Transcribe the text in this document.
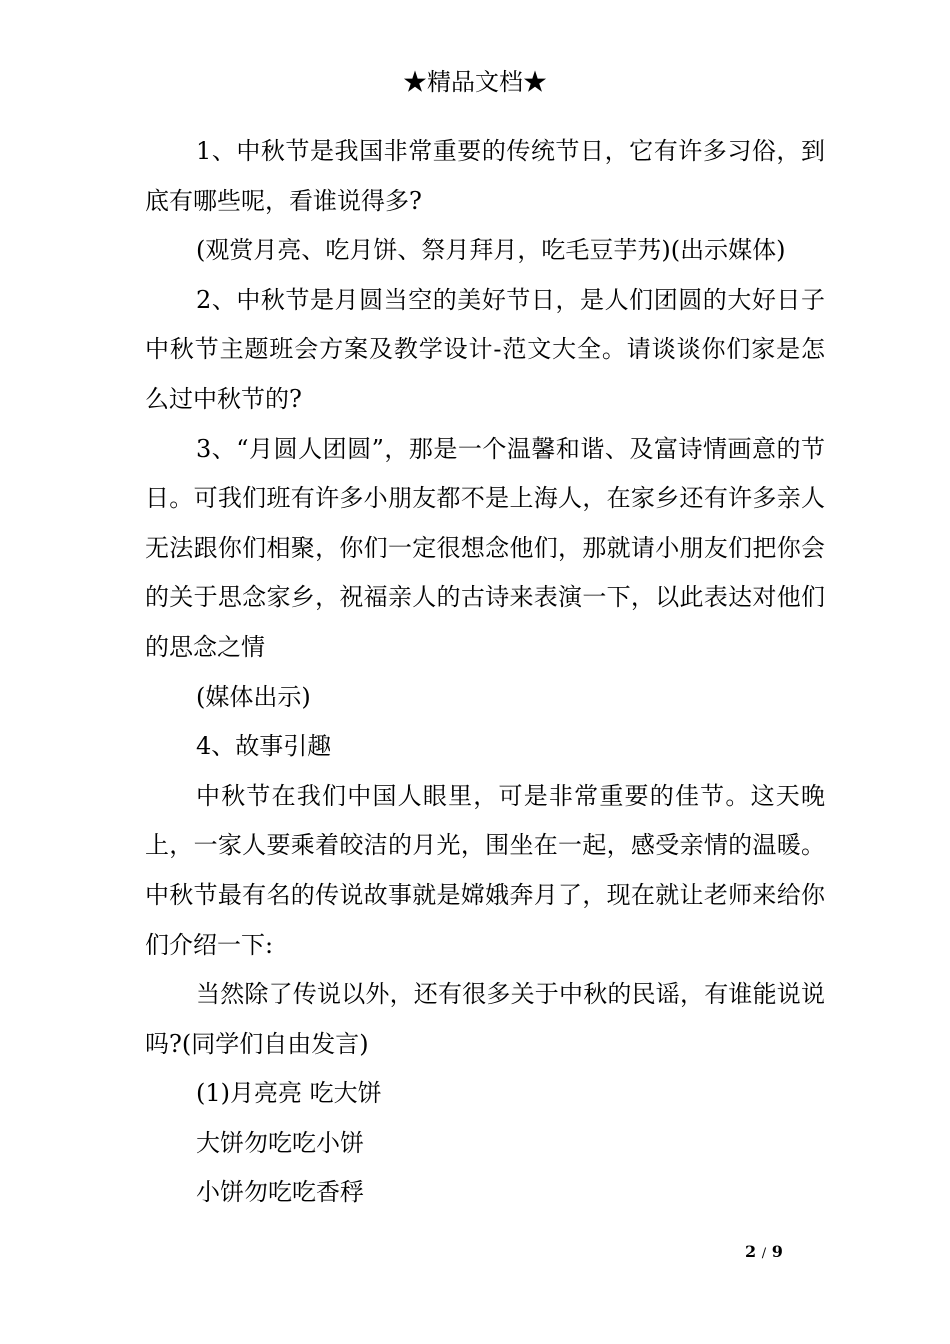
★精品文档★

1、中秋节是我国非常重要的传统节日，它有许多习俗，到底有哪些呢，看谁说得多?

(观赏月亮、吃月饼、祭月拜月，吃毛豆芋艿)(出示媒体)

2、中秋节是月圆当空的美好节日，是人们团圆的大好日子中秋节主题班会方案及教学设计-范文大全。请谈谈你们家是怎么过中秋节的?

3、“月圆人团圆”，那是一个温馨和谐、及富诗情画意的节日。可我们班有许多小朋友都不是上海人，在家乡还有许多亲人无法跟你们相聚，你们一定很想念他们，那就请小朋友们把你会的关于思念家乡，祝福亲人的古诗来表演一下，以此表达对他们的思念之情

(媒体出示)

4、故事引趣

中秋节在我们中国人眼里，可是非常重要的佳节。这天晚上，一家人要乘着皎洁的月光，围坐在一起，感受亲情的温暖。中秋节最有名的传说故事就是嫦娥奔月了，现在就让老师来给你们介绍一下:

当然除了传说以外，还有很多关于中秋的民谣，有谁能说说吗?(同学们自由发言)

(1)月亮亮 吃大饼

大饼勿吃吃小饼

小饼勿吃吃香稃

2 / 9
